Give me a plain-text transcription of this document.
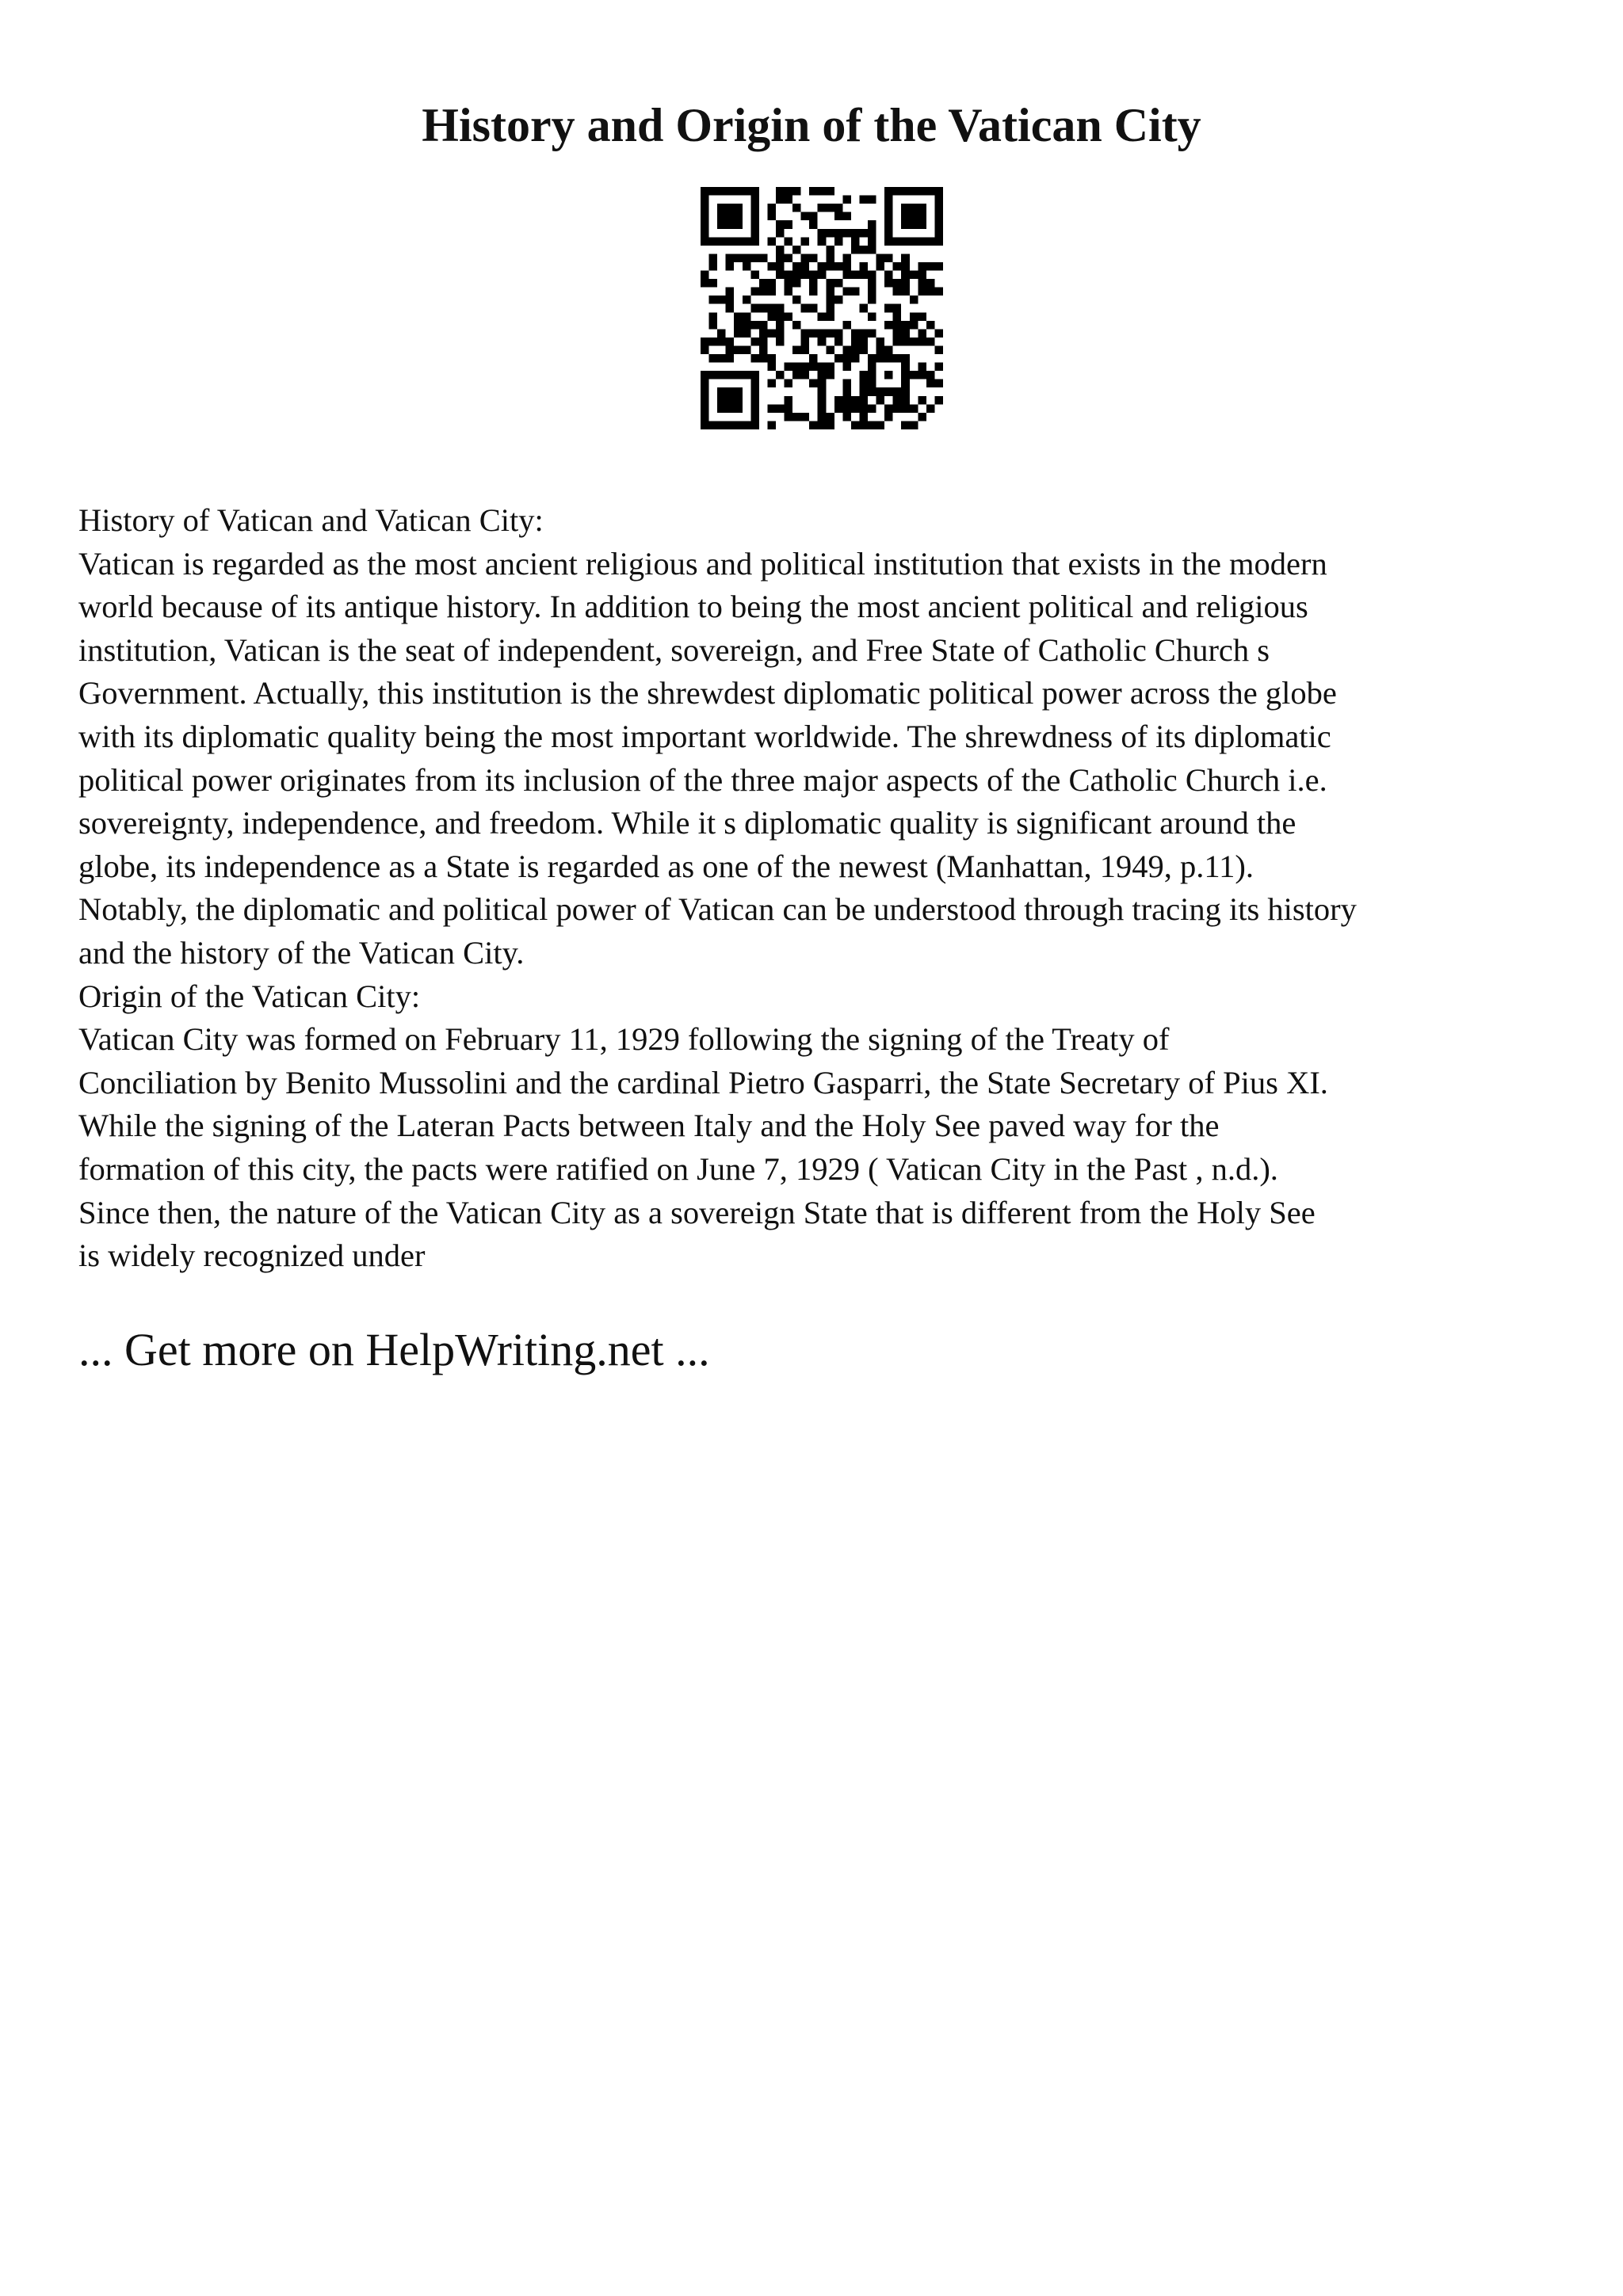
History and Origin of the Vatican City

History of Vatican and Vatican City:

Vatican is regarded as the most ancient religious and political institution that exists in the modern

world because of its antique history. In addition to being the most ancient political and religious

institution, Vatican is the seat of independent, sovereign, and Free State of Catholic Church s

Government. Actually, this institution is the shrewdest diplomatic political power across the globe

with its diplomatic quality being the most important worldwide. The shrewdness of its diplomatic

political power originates from its inclusion of the three major aspects of the Catholic Church i.e.

sovereignty, independence, and freedom. While it s diplomatic quality is significant around the

globe, its independence as a State is regarded as one of the newest (Manhattan, 1949, p.11).

Notably, the diplomatic and political power of Vatican can be understood through tracing its history

and the history of the Vatican City.

Origin of the Vatican City:

Vatican City was formed on February 11, 1929 following the signing of the Treaty of

Conciliation by Benito Mussolini and the cardinal Pietro Gasparri, the State Secretary of Pius XI.

While the signing of the Lateran Pacts between Italy and the Holy See paved way for the

formation of this city, the pacts were ratified on June 7, 1929 ( Vatican City in the Past , n.d.).

Since then, the nature of the Vatican City as a sovereign State that is different from the Holy See

is widely recognized under

... Get more on HelpWriting.net ...
